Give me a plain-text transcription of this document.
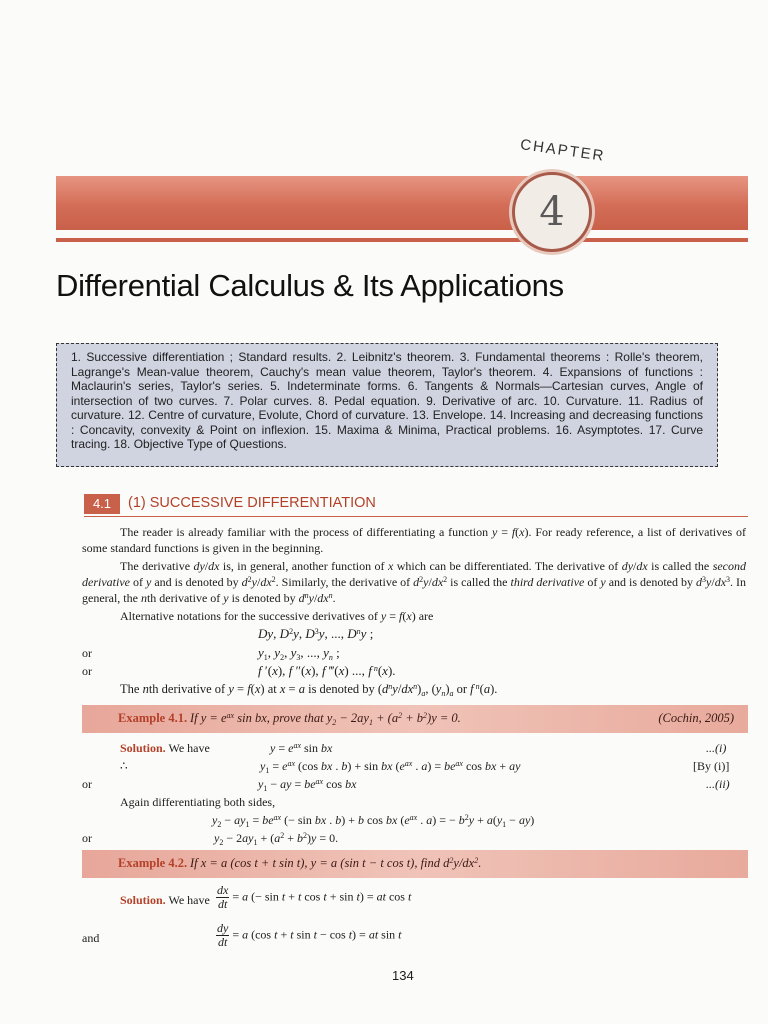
CHAPTER
4
Differential Calculus & Its Applications
1. Successive differentiation ; Standard results. 2. Leibnitz's theorem. 3. Fundamental theorems : Rolle's theorem, Lagrange's Mean-value theorem, Cauchy's mean value theorem, Taylor's theorem. 4. Expansions of functions : Maclaurin's series, Taylor's series. 5. Indeterminate forms. 6. Tangents & Normals—Cartesian curves, Angle of intersection of two curves. 7. Polar curves. 8. Pedal equation. 9. Derivative of arc. 10. Curvature. 11. Radius of curvature. 12. Centre of curvature, Evolute, Chord of curvature. 13. Envelope. 14. Increasing and decreasing functions : Concavity, convexity & Point on inflexion. 15. Maxima & Minima, Practical problems. 16. Asymptotes. 17. Curve tracing. 18. Objective Type of Questions.
4.1	(1) SUCCESSIVE DIFFERENTIATION

The reader is already familiar with the process of differentiating a function y = f(x). For ready reference, a list of derivatives of some standard functions is given in the beginning.

The derivative dy/dx is, in general, another function of x which can be differentiated. The derivative of dy/dx is called the second derivative of y and is denoted by $d^2y/dx^2$. Similarly, the derivative of $d^2y/dx^2$ is called the third derivative of y and is denoted by $d^3y/dx^3$. In general, the nth derivative of y is denoted by $d^ny/dx^n$.

Alternative notations for the successive derivatives of y = f(x) are
Dy, $D^2y$, $D^3y$, ..., $D^ny$ ;
or	$y_1$, $y_2$, $y_3$, ..., $y_n$ ;
or	f ′(x), f ″(x), f ‴(x) ..., f $^n$(x).
The nth derivative of y = f(x) at x = a is denoted by $(d^ny/dx^n)_a$, $(y_n)_a$ or f $^n$(a).
Example 4.1. If $y = e^{ax}$ sin bx, prove that $y_2 - 2ay_1 + (a^2 + b^2)y = 0$.	(Cochin, 2005)
Solution. We have	$y = e^{ax}$ sin bx	...(i)
∴	$y_1 = e^{ax}$ (cos bx . b) + sin bx ($e^{ax}$ . $a) = be^{ax}$ cos bx + ay	[By (i)]
or	$y_1$ − ay = $be^{ax}$ cos bx	...(ii)
Again differentiating both sides,
$y_2 - ay_1 = be^{ax}$ (− sin bx . b) + b cos bx ($e^{ax}$ . a) = − $b^2y + a(y_1 - ay)$
or	$y_2 - 2ay_1 + (a^2 + b^2)y = 0$.
Example 4.2. If x = a (cos t + t sin t), y = a (sin t − t cos t), find $d^2y/dx^2$.
Solution. We have $\frac{dx}{dt} = a$ (− sin t + t cos t + sin t) = at cos t
and	$\frac{dy}{dt} = a$ (cos t + t sin t − cos t) = at sin t
134
